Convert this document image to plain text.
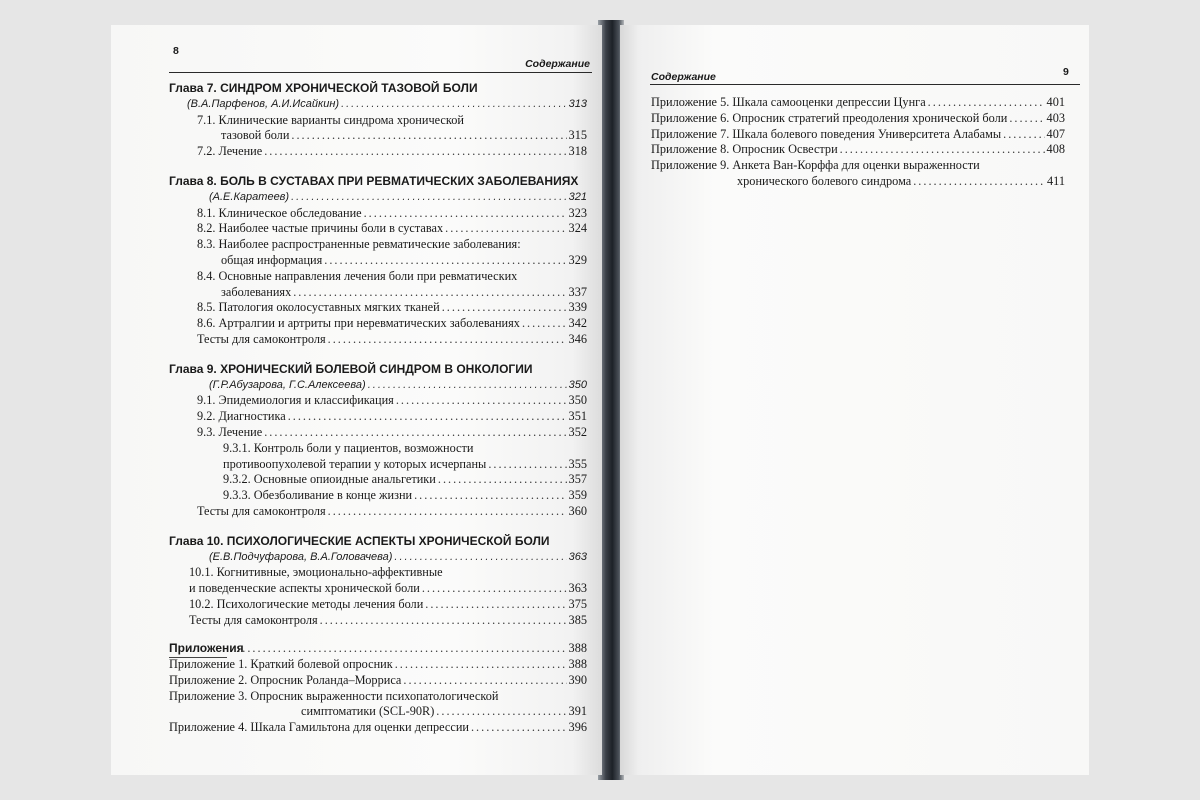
8
Содержание
Глава 7. СИНДРОМ ХРОНИЧЕСКОЙ ТАЗОВОЙ БОЛИ
(В.А.Парфенов, А.И.Исайкин) .....	313
7.1. Клинические варианты синдрома хронической
тазовой боли .....	315
7.2. Лечение .....	318
Глава 8. БОЛЬ В СУСТАВАХ ПРИ РЕВМАТИЧЕСКИХ ЗАБОЛЕВАНИЯХ
(А.Е.Каратеев) .....	321
8.1. Клиническое обследование .....	323
8.2. Наиболее частые причины боли в суставах .....	324
8.3. Наиболее распространенные ревматические заболевания:
общая информация .....	329
8.4. Основные направления лечения боли при ревматических
заболеваниях .....	337
8.5. Патология околосуставных мягких тканей .....	339
8.6. Артралгии и артриты при неревматических заболеваниях .....	342
Тесты для самоконтроля .....	346
Глава 9. ХРОНИЧЕСКИЙ БОЛЕВОЙ СИНДРОМ В ОНКОЛОГИИ
(Г.Р.Абузарова, Г.С.Алексеева) .....	350
9.1. Эпидемиология и классификация .....	350
9.2. Диагностика .....	351
9.3. Лечение .....	352
9.3.1. Контроль боли у пациентов, возможности
противоопухолевой терапии у которых исчерпаны .....	355
9.3.2. Основные опиоидные анальгетики .....	357
9.3.3. Обезболивание в конце жизни .....	359
Тесты для самоконтроля .....	360
Глава 10. ПСИХОЛОГИЧЕСКИЕ АСПЕКТЫ ХРОНИЧЕСКОЙ БОЛИ
(Е.В.Подчуфарова, В.А.Головачева) .....	363
10.1. Когнитивные, эмоционально-аффективные
и поведенческие аспекты хронической боли .....	363
10.2. Психологические методы лечения боли .....	375
Тесты для самоконтроля .....	385
Приложения .....	388
Приложение 1. Краткий болевой опросник .....	388
Приложение 2. Опросник Роланда–Морриса .....	390
Приложение 3. Опросник выраженности психопатологической
симптоматики (SCL-90R) .....	391
Приложение 4. Шкала Гамильтона для оценки депрессии .....	396
Содержание	9
Приложение 5. Шкала самооценки депрессии Цунга .....	401
Приложение 6. Опросник стратегий преодоления хронической боли .....	403
Приложение 7. Шкала болевого поведения Университета Алабамы .....	407
Приложение 8. Опросник Освестри .....	408
Приложение 9. Анкета Ван-Корффа для оценки выраженности
хронического болевого синдрома .....	411
